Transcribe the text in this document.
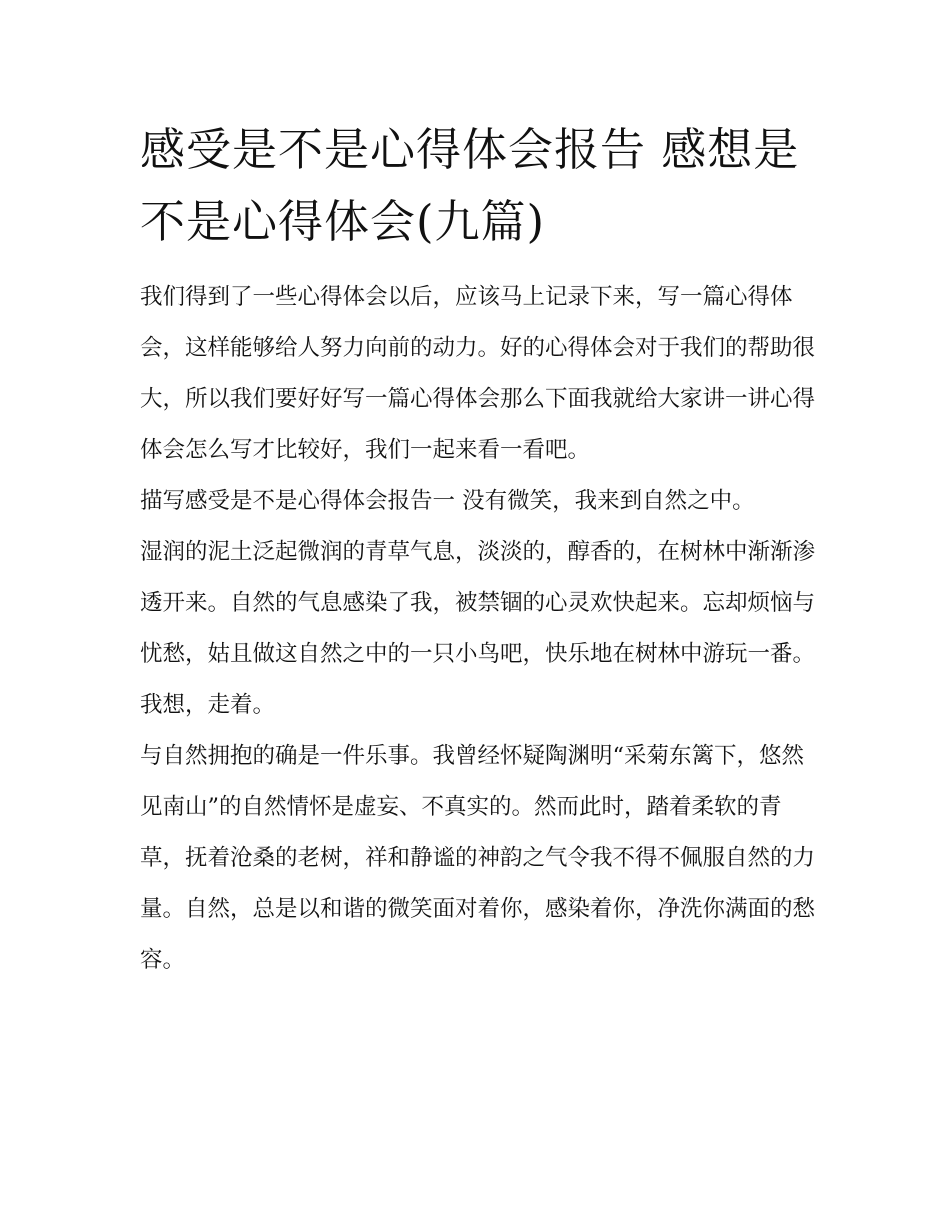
感受是不是心得体会报告 感想是不是心得体会(九篇)

我们得到了一些心得体会以后，应该马上记录下来，写一篇心得体会，这样能够给人努力向前的动力。好的心得体会对于我们的帮助很大，所以我们要好好写一篇心得体会那么下面我就给大家讲一讲心得体会怎么写才比较好，我们一起来看一看吧。

描写感受是不是心得体会报告一 没有微笑，我来到自然之中。

湿润的泥土泛起微润的青草气息，淡淡的，醇香的，在树林中渐渐渗透开来。自然的气息感染了我，被禁锢的心灵欢快起来。忘却烦恼与忧愁，姑且做这自然之中的一只小鸟吧，快乐地在树林中游玩一番。我想，走着。

与自然拥抱的确是一件乐事。我曾经怀疑陶渊明“采菊东篱下，悠然见南山”的自然情怀是虚妄、不真实的。然而此时，踏着柔软的青草，抚着沧桑的老树，祥和静谧的神韵之气令我不得不佩服自然的力量。自然，总是以和谐的微笑面对着你，感染着你，净洗你满面的愁容。
